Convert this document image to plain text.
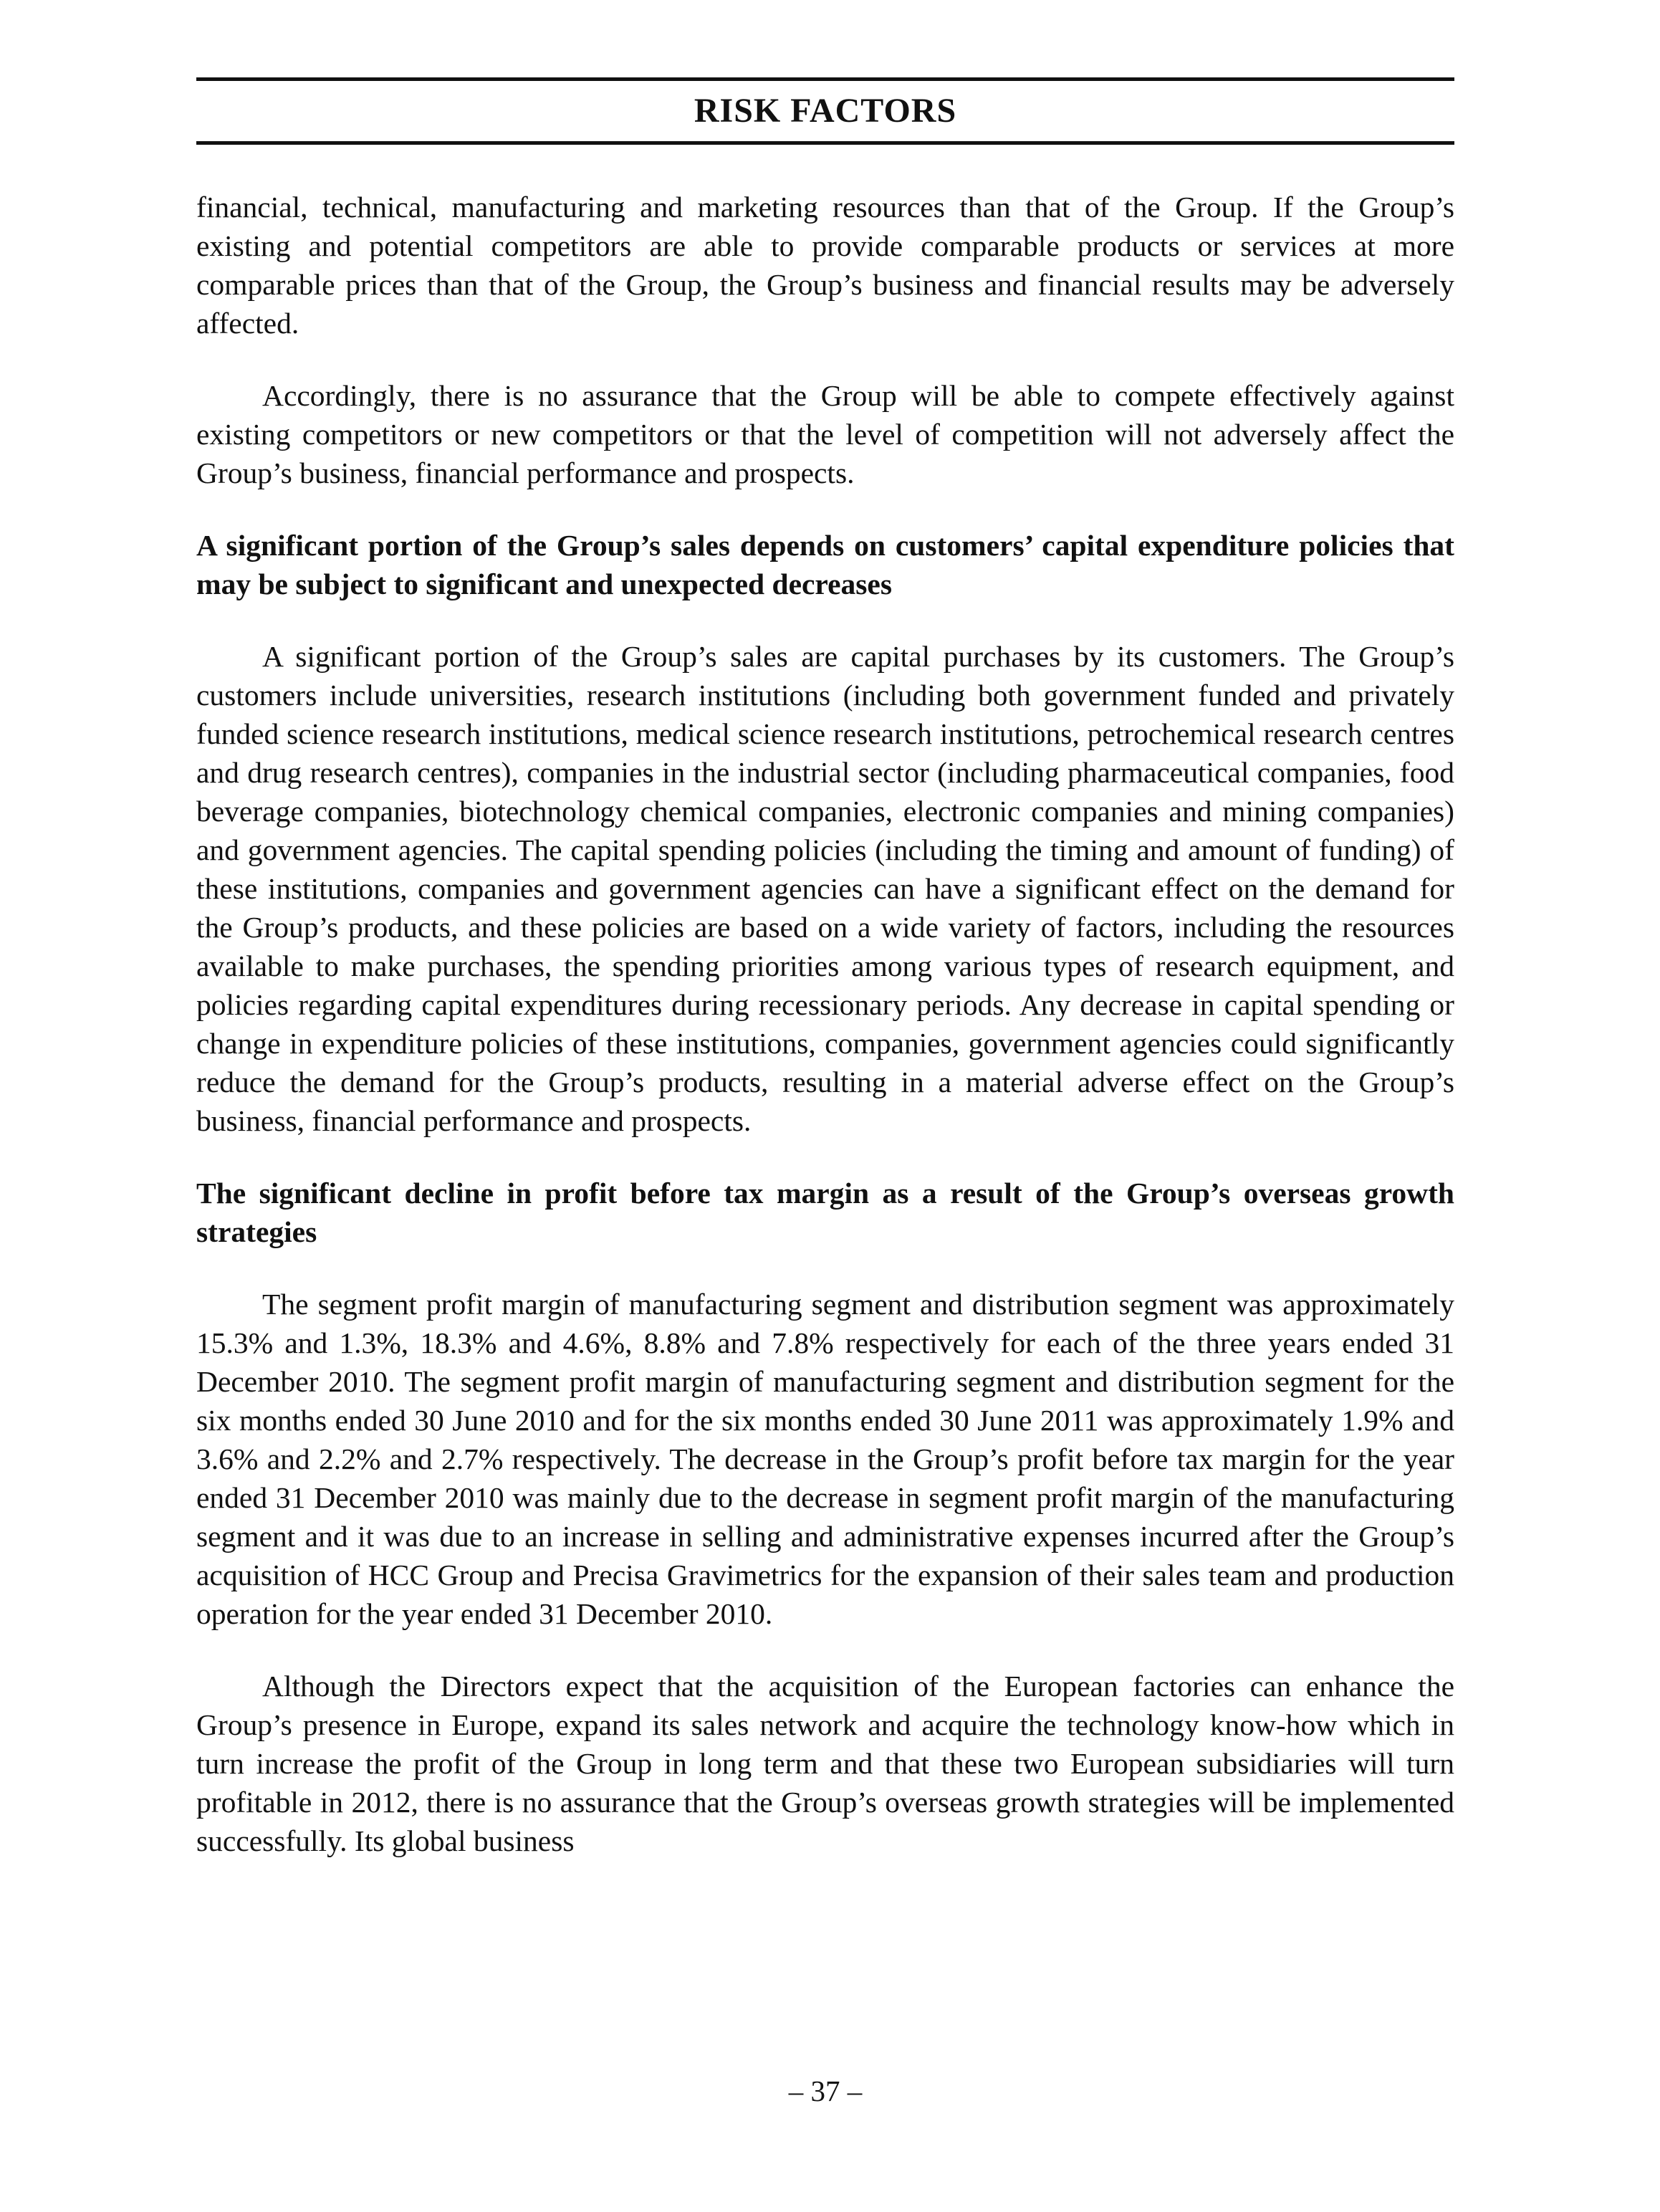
RISK FACTORS

financial, technical, manufacturing and marketing resources than that of the Group. If the Group’s existing and potential competitors are able to provide comparable products or services at more comparable prices than that of the Group, the Group’s business and financial results may be adversely affected.

Accordingly, there is no assurance that the Group will be able to compete effectively against existing competitors or new competitors or that the level of competition will not adversely affect the Group’s business, financial performance and prospects.

A significant portion of the Group’s sales depends on customers’ capital expenditure policies that may be subject to significant and unexpected decreases

A significant portion of the Group’s sales are capital purchases by its customers. The Group’s customers include universities, research institutions (including both government funded and privately funded science research institutions, medical science research institutions, petrochemical research centres and drug research centres), companies in the industrial sector (including pharmaceutical companies, food beverage companies, biotechnology chemical companies, electronic companies and mining companies) and government agencies. The capital spending policies (including the timing and amount of funding) of these institutions, companies and government agencies can have a significant effect on the demand for the Group’s products, and these policies are based on a wide variety of factors, including the resources available to make purchases, the spending priorities among various types of research equipment, and policies regarding capital expenditures during recessionary periods. Any decrease in capital spending or change in expenditure policies of these institutions, companies, government agencies could significantly reduce the demand for the Group’s products, resulting in a material adverse effect on the Group’s business, financial performance and prospects.

The significant decline in profit before tax margin as a result of the Group’s overseas growth strategies

The segment profit margin of manufacturing segment and distribution segment was approximately 15.3% and 1.3%, 18.3% and 4.6%, 8.8% and 7.8% respectively for each of the three years ended 31 December 2010. The segment profit margin of manufacturing segment and distribution segment for the six months ended 30 June 2010 and for the six months ended 30 June 2011 was approximately 1.9% and 3.6% and 2.2% and 2.7% respectively. The decrease in the Group’s profit before tax margin for the year ended 31 December 2010 was mainly due to the decrease in segment profit margin of the manufacturing segment and it was due to an increase in selling and administrative expenses incurred after the Group’s acquisition of HCC Group and Precisa Gravimetrics for the expansion of their sales team and production operation for the year ended 31 December 2010.

Although the Directors expect that the acquisition of the European factories can enhance the Group’s presence in Europe, expand its sales network and acquire the technology know-how which in turn increase the profit of the Group in long term and that these two European subsidiaries will turn profitable in 2012, there is no assurance that the Group’s overseas growth strategies will be implemented successfully. Its global business

– 37 –
